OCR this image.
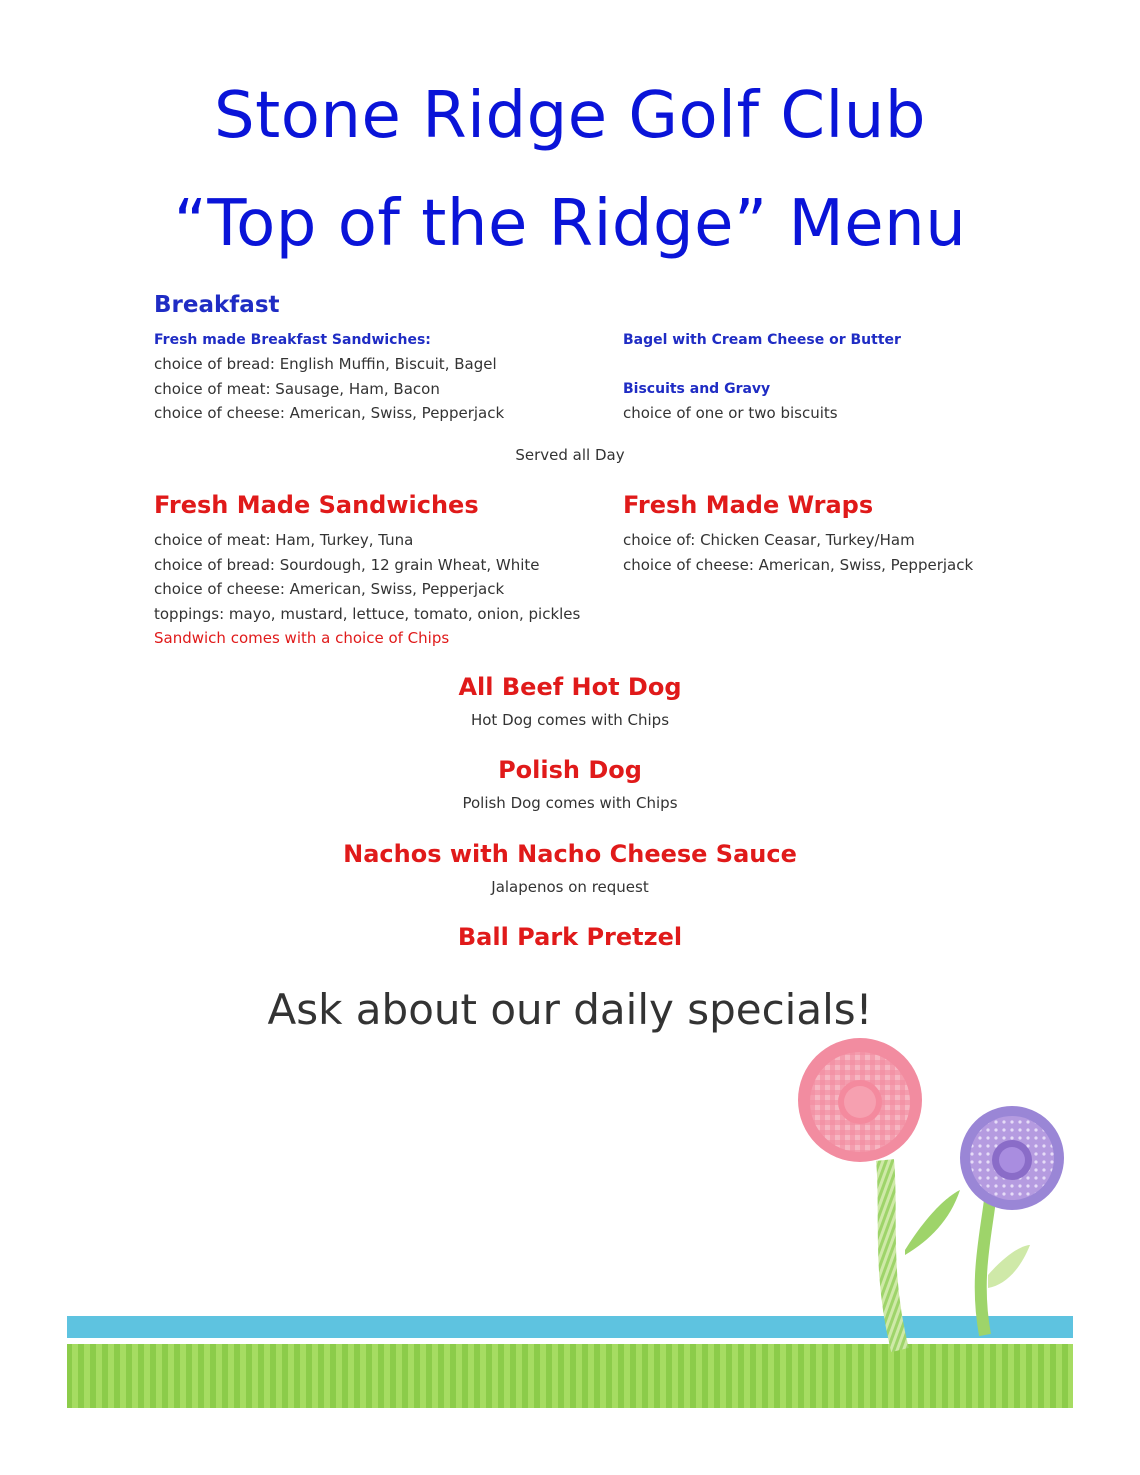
Stone Ridge Golf Club
“Top of the Ridge” Menu
Breakfast
Fresh made Breakfast Sandwiches:
choice of bread: English Muffin, Biscuit, Bagel
choice of meat: Sausage, Ham, Bacon
choice of cheese: American, Swiss, Pepperjack
Bagel with Cream Cheese or Butter
Biscuits and Gravy
choice of one or two biscuits
Served all Day
Fresh Made Sandwiches
choice of meat: Ham, Turkey, Tuna
choice of bread: Sourdough, 12 grain Wheat, White
choice of cheese: American, Swiss, Pepperjack
toppings: mayo, mustard, lettuce, tomato, onion, pickles
Sandwich comes with a choice of Chips
Fresh Made Wraps
choice of: Chicken Ceasar, Turkey/Ham
choice of cheese: American, Swiss, Pepperjack
All Beef Hot Dog
Hot Dog comes with Chips
Polish Dog
Polish Dog comes with Chips
Nachos with Nacho Cheese Sauce
Jalapenos on request
Ball Park Pretzel
Ask about our daily specials!
